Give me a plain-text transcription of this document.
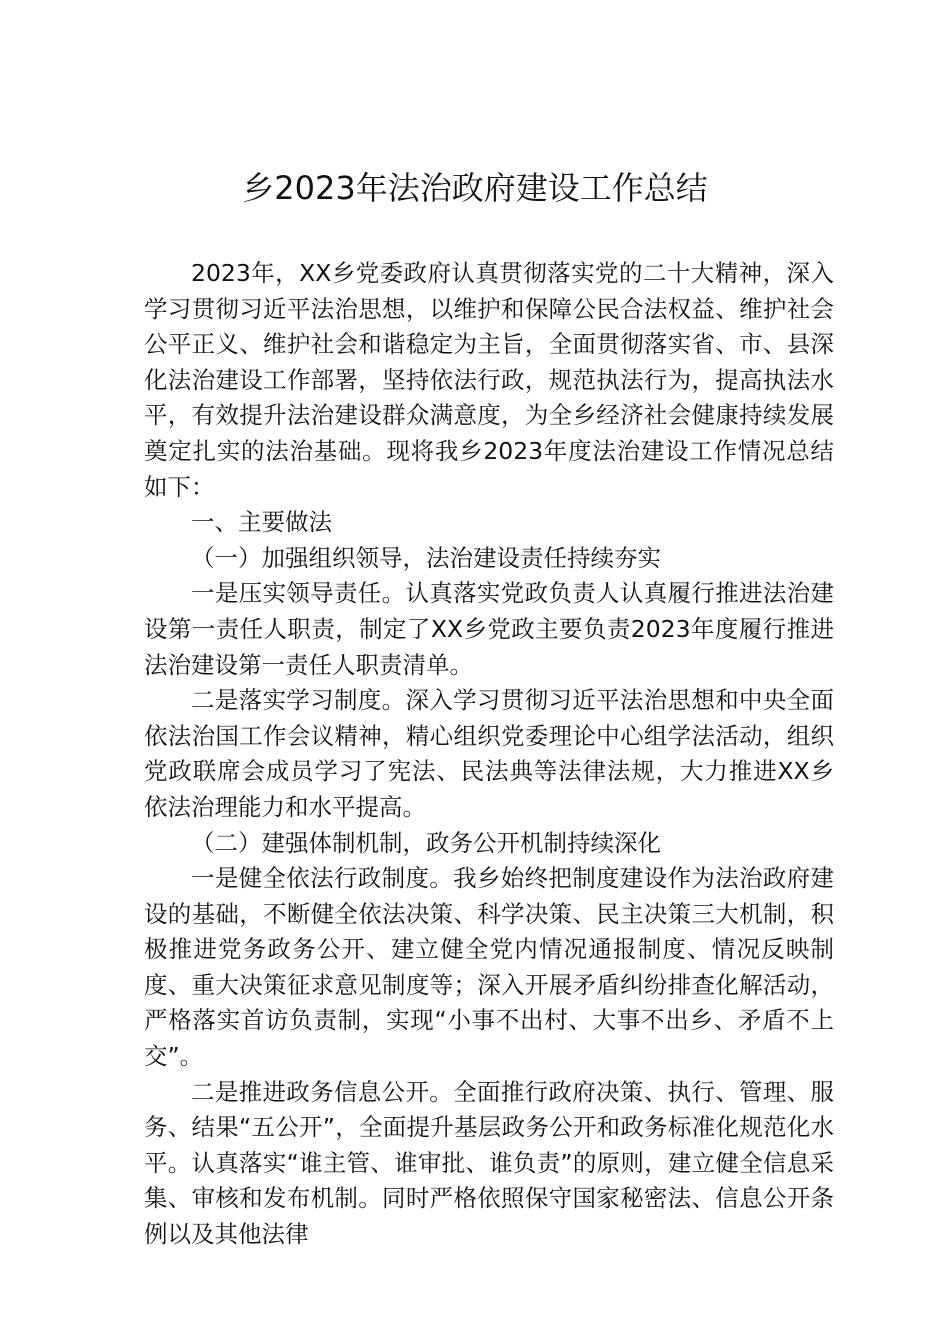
乡2023年法治政府建设工作总结

2023年，XX乡党委政府认真贯彻落实党的二十大精神，深入学习贯彻习近平法治思想，以维护和保障公民合法权益、维护社会公平正义、维护社会和谐稳定为主旨，全面贯彻落实省、市、县深化法治建设工作部署，坚持依法行政，规范执法行为，提高执法水平，有效提升法治建设群众满意度，为全乡经济社会健康持续发展奠定扎实的法治基础。现将我乡2023年度法治建设工作情况总结如下：

一、主要做法

（一）加强组织领导，法治建设责任持续夯实

一是压实领导责任。认真落实党政负责人认真履行推进法治建设第一责任人职责，制定了XX乡党政主要负责2023年度履行推进法治建设第一责任人职责清单。

二是落实学习制度。深入学习贯彻习近平法治思想和中央全面依法治国工作会议精神，精心组织党委理论中心组学法活动，组织党政联席会成员学习了宪法、民法典等法律法规，大力推进XX乡依法治理能力和水平提高。

（二）建强体制机制，政务公开机制持续深化

一是健全依法行政制度。我乡始终把制度建设作为法治政府建设的基础，不断健全依法决策、科学决策、民主决策三大机制，积极推进党务政务公开、建立健全党内情况通报制度、情况反映制度、重大决策征求意见制度等；深入开展矛盾纠纷排查化解活动，严格落实首访负责制，实现“小事不出村、大事不出乡、矛盾不上交”。

二是推进政务信息公开。全面推行政府决策、执行、管理、服务、结果“五公开”，全面提升基层政务公开和政务标准化规范化水平。认真落实“谁主管、谁审批、谁负责”的原则，建立健全信息采集、审核和发布机制。同时严格依照保守国家秘密法、信息公开条例以及其他法律
